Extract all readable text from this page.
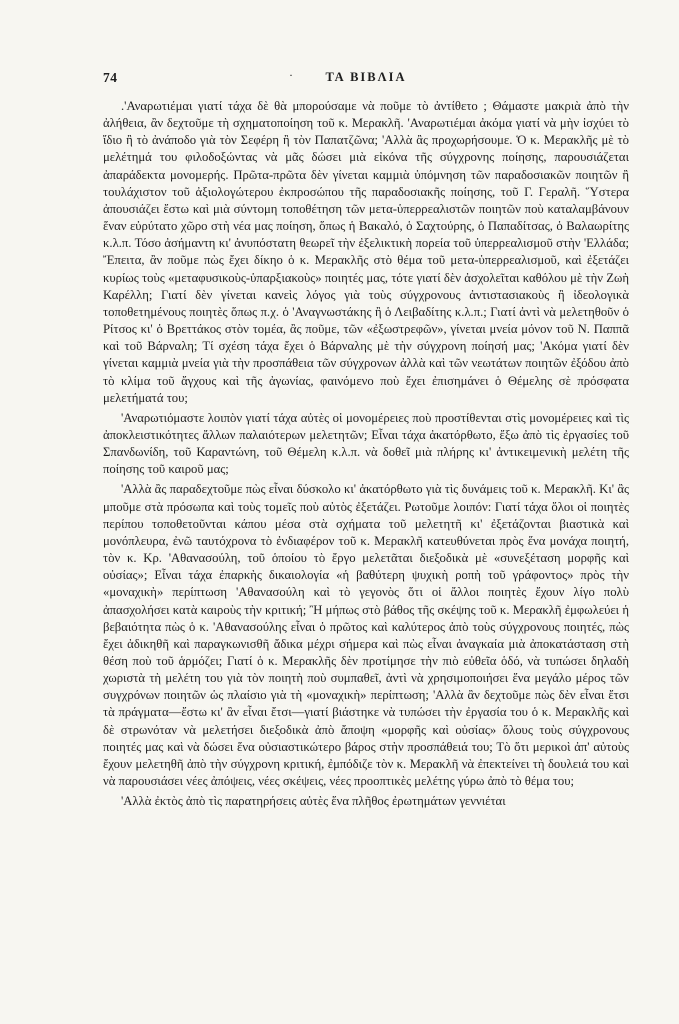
74	·	ΤΑ ΒΙΒΛΙΑ

.'Αναρωτιέμαι γιατί τάχα δὲ θὰ μπορούσαμε νὰ ποῦμε τὸ ἀντίθετο ; Θάμαστε μακριὰ ἀπὸ τὴν ἀλήθεια, ἂν δεχτοῦμε τὴ σχηματοποίηση τοῦ κ. Μερακλῆ. 'Αναρωτιέμαι ἀκόμα γιατί νὰ μὴν ἰσχύει τὸ ἴδιο ἢ τὸ ἀνάποδο γιὰ τὸν Σεφέρη ἢ τὸν Παπατζῶνα; 'Αλλὰ ἂς προχωρήσουμε. Ὁ κ. Μερακλῆς μὲ τὸ μελέτημά του φιλοδοξώντας νὰ μᾶς δώσει μιὰ εἰκόνα τῆς σύγχρονης ποίησης, παρουσιάζεται ἀπαράδεκτα μονομερής. Πρῶτα-πρῶτα δὲν γίνεται καμμιὰ ὑπόμνηση τῶν παραδοσιακῶν ποιητῶν ἢ τουλάχιστον τοῦ ἀξιολογώτερου ἐκπροσώπου τῆς παραδοσιακῆς ποίησης, τοῦ Γ. Γεραλῆ. Ὕστερα ἀπουσιάζει ἔστω καὶ μιὰ σύντομη τοποθέτηση τῶν μετα-ὑπερρεαλιστῶν ποιητῶν ποὺ καταλαμβάνουν ἕναν εὐρύτατο χῶρο στὴ νέα μας ποίηση, ὅπως ἡ Βακαλό, ὁ Σαχτούρης, ὁ Παπαδίτσας, ὁ Βαλαωρίτης κ.λ.π. Τόσο ἀσήμαντη κι' ἀνυπόστατη θεωρεῖ τὴν ἐξελικτικὴ πορεία τοῦ ὑπερρεαλισμοῦ στὴν 'Ελλάδα; Ἔπειτα, ἂν ποῦμε πὼς ἔχει δίκηο ὁ κ. Μερακλῆς στὸ θέμα τοῦ μετα-ὑπερρεαλισμοῦ, καὶ ἐξετάζει κυρίως τοὺς «μεταφυσικοὺς-ὑπαρξιακοὺς» ποιητές μας, τότε γιατί δὲν ἀσχολεῖται καθόλου μὲ τὴν Ζωὴ Καρέλλη; Γιατί δὲν γίνεται κανεὶς λόγος γιὰ τοὺς σύγχρονους ἀντιστασιακοὺς ἢ ἰδεολογικὰ τοποθετημένους ποιητὲς ὅπως π.χ. ὁ 'Αναγνωστάκης ἢ ὁ Λειβαδίτης κ.λ.π.; Γιατί ἀντὶ νὰ μελετηθοῦν ὁ Ρίτσος κι' ὁ Βρεττάκος στὸν τομέα, ἂς ποῦμε, τῶν «ἐξωστρεφῶν», γίνεται μνεία μόνον τοῦ Ν. Παππᾶ καὶ τοῦ Βάρναλη; Τί σχέση τάχα ἔχει ὁ Βάρναλης μὲ τὴν σύγχρονη ποίησή μας; 'Ακόμα γιατί δὲν γίνεται καμμιὰ μνεία γιὰ τὴν προσπάθεια τῶν σύγχρονων ἀλλὰ καὶ τῶν νεωτάτων ποιητῶν ἐξόδου ἀπὸ τὸ κλίμα τοῦ ἄγχους καὶ τῆς ἀγωνίας, φαινόμενο ποὺ ἔχει ἐπισημάνει ὁ Θέμελης σὲ πρόσφατα μελετήματά του;

'Αναρωτιόμαστε λοιπὸν γιατί τάχα αὐτὲς οἱ μονομέρειες ποὺ προστίθενται στὶς μονομέρειες καὶ τὶς ἀποκλειστικότητες ἄλλων παλαιότερων μελετητῶν; Εἶναι τάχα ἀκατόρθωτο, ἔξω ἀπὸ τὶς ἐργασίες τοῦ Σπανδωνίδη, τοῦ Καραντώνη, τοῦ Θέμελη κ.λ.π. νὰ δοθεῖ μιὰ πλήρης κι' ἀντικειμενικὴ μελέτη τῆς ποίησης τοῦ καιροῦ μας;

'Αλλὰ ἂς παραδεχτοῦμε πὼς εἶναι δύσκολο κι' ἀκατόρθωτο γιὰ τὶς δυνάμεις τοῦ κ. Μερακλῆ. Κι' ἂς μποῦμε στὰ πρόσωπα καὶ τοὺς τομεῖς ποὺ αὐτὸς ἐξετάζει. Ρωτοῦμε λοιπόν: Γιατί τάχα ὅλοι οἱ ποιητὲς περίπου τοποθετοῦνται κάπου μέσα στὰ σχήματα τοῦ μελετητῆ κι' ἐξετάζονται βιαστικὰ καὶ μονόπλευρα, ἐνῶ ταυτόχρονα τὸ ἐνδιαφέρον τοῦ κ. Μερακλῆ κατευθύνεται πρὸς ἕνα μονάχα ποιητή, τὸν κ. Κρ. 'Αθανασούλη, τοῦ ὁποίου τὸ ἔργο μελετᾶται διεξοδικὰ μὲ «συνεξέταση μορφῆς καὶ οὐσίας»; Εἶναι τάχα ἐπαρκὴς δικαιολογία «ἡ βαθύτερη ψυχικὴ ροπὴ τοῦ γράφοντος» πρὸς τὴν «μοναχικὴ» περίπτωση 'Αθανασούλη καὶ τὸ γεγονὸς ὅτι οἱ ἄλλοι ποιητὲς ἔχουν λίγο πολὺ ἀπασχολήσει κατὰ καιροὺς τὴν κριτική; Ἢ μήπως στὸ βάθος τῆς σκέψης τοῦ κ. Μερακλῆ ἐμφωλεύει ἡ βεβαιότητα πὼς ὁ κ. 'Αθανασούλης εἶναι ὁ πρῶτος καὶ καλύτερος ἀπὸ τοὺς σύγχρονους ποιητές, πὼς ἔχει ἀδικηθῆ καὶ παραγκωνισθῆ ἄδικα μέχρι σήμερα καὶ πὼς εἶναι ἀναγκαία μιὰ ἀποκατάσταση στὴ θέση ποὺ τοῦ ἁρμόζει; Γιατί ὁ κ. Μερακλῆς δὲν προτίμησε τὴν πιὸ εὐθεῖα ὁδό, νὰ τυπώσει δηλαδὴ χωριστὰ τὴ μελέτη του γιὰ τὸν ποιητὴ ποὺ συμπαθεῖ, ἀντὶ νὰ χρησιμοποιήσει ἕνα μεγάλο μέρος τῶν συγχρόνων ποιητῶν ὡς πλαίσιο γιὰ τὴ «μοναχικὴ» περίπτωση; 'Αλλὰ ἂν δεχτοῦμε πὼς δὲν εἶναι ἔτσι τὰ πράγματα—ἔστω κι' ἂν εἶναι ἔτσι—γιατί βιάστηκε νὰ τυπώσει τὴν ἐργασία του ὁ κ. Μερακλῆς καὶ δὲ στρωνόταν νὰ μελετήσει διεξοδικὰ ἀπὸ ἄποψη «μορφῆς καὶ οὐσίας» ὅλους τοὺς σύγχρονους ποιητές μας καὶ νὰ δώσει ἕνα οὐσιαστικώτερο βάρος στὴν προσπάθειά του; Τὸ ὅτι μερικοὶ ἀπ' αὐτοὺς ἔχουν μελετηθῆ ἀπὸ τὴν σύγχρονη κριτική, ἐμπόδιζε τὸν κ. Μερακλῆ νὰ ἐπεκτείνει τὴ δουλειά του καὶ νὰ παρουσιάσει νέες ἀπόψεις, νέες σκέψεις, νέες προοπτικὲς μελέτης γύρω ἀπὸ τὸ θέμα του;

'Αλλὰ ἐκτὸς ἀπὸ τὶς παρατηρήσεις αὐτὲς ἕνα πλῆθος ἐρωτημάτων γεννιέται
